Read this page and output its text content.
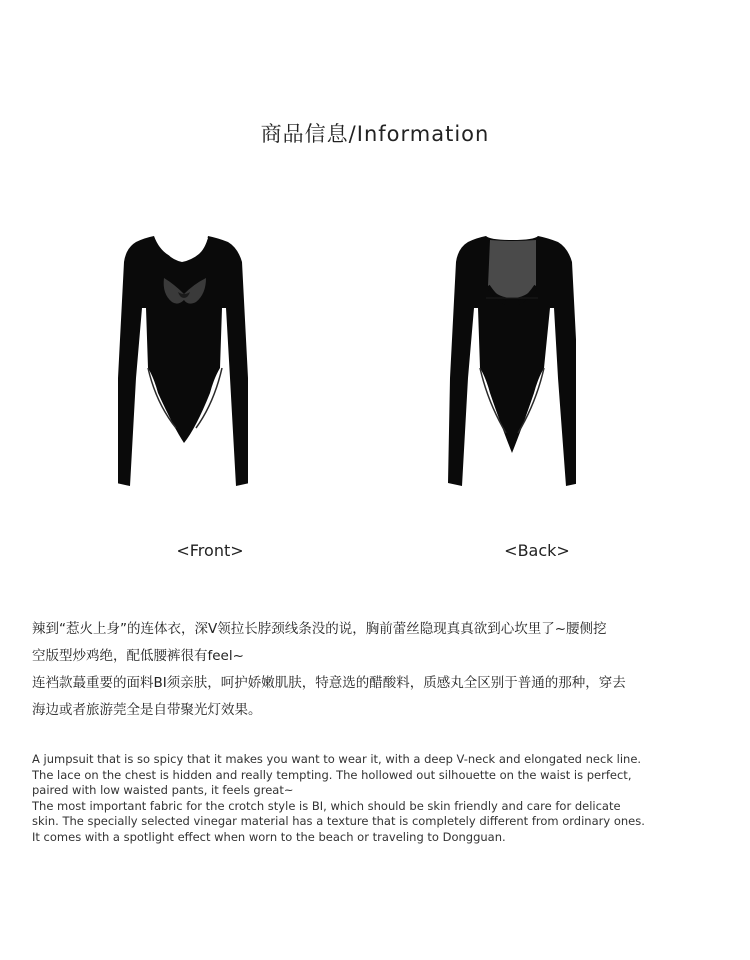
商品信息/Information
<Front>	<Back>

辣到“惹火上身”的连体衣，深V领拉长脖颈线条没的说，胸前蕾丝隐现真真欲到心坎里了~腰侧挖

空版型炒鸡绝，配低腰裤很有feel~

连裆款蕞重要的面料BI须亲肤，呵护娇嫩肌肤，特意选的醋酸料，质感丸全区别于普通的那种，穿去

海边或者旅游莞全是自带聚光灯效果。

A jumpsuit that is so spicy that it makes you want to wear it, with a deep V-neck and elongated neck line.

The lace on the chest is hidden and really tempting. The hollowed out silhouette on the waist is perfect,

paired with low waisted pants, it feels great~

The most important fabric for the crotch style is BI, which should be skin friendly and care for delicate

skin. The specially selected vinegar material has a texture that is completely different from ordinary ones.

It comes with a spotlight effect when worn to the beach or traveling to Dongguan.
